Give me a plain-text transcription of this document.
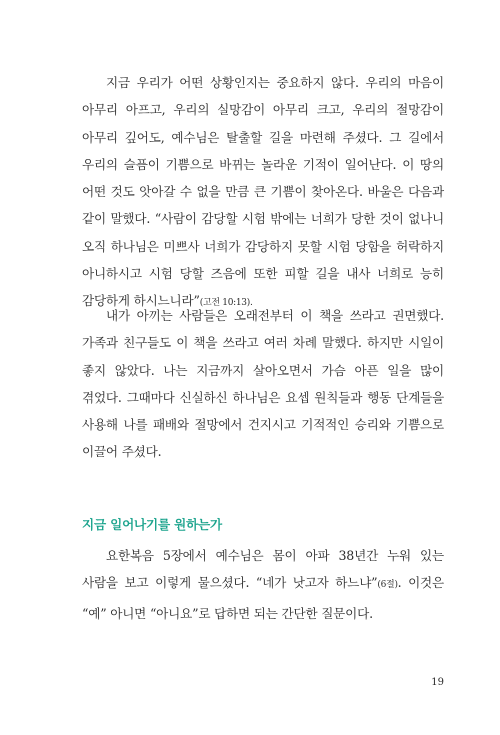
지금 우리가 어떤 상황인지는 중요하지 않다. 우리의 마음이 아무리 아프고, 우리의 실망감이 아무리 크고, 우리의 절망감이 아무리 깊어도, 예수님은 탈출할 길을 마련해 주셨다. 그 길에서 우리의 슬픔이 기쁨으로 바뀌는 놀라운 기적이 일어난다. 이 땅의 어떤 것도 앗아갈 수 없을 만큼 큰 기쁨이 찾아온다. 바울은 다음과 같이 말했다. “사람이 감당할 시험 밖에는 너희가 당한 것이 없나니 오직 하나님은 미쁘사 너희가 감당하지 못할 시험 당함을 허락하지 아니하시고 시험 당할 즈음에 또한 피할 길을 내사 너희로 능히 감당하게 하시느니라”(고전 10:13).

내가 아끼는 사람들은 오래전부터 이 책을 쓰라고 권면했다. 가족과 친구들도 이 책을 쓰라고 여러 차례 말했다. 하지만 시일이 좋지 않았다. 나는 지금까지 살아오면서 가슴 아픈 일을 많이 겪었다. 그때마다 신실하신 하나님은 요셉 원칙들과 행동 단계들을 사용해 나를 패배와 절망에서 건지시고 기적적인 승리와 기쁨으로 이끌어 주셨다.

지금 일어나기를 원하는가

요한복음 5장에서 예수님은 몸이 아파 38년간 누워 있는 사람을 보고 이렇게 물으셨다. “네가 낫고자 하느냐”(6절). 이것은 “예” 아니면 “아니요”로 답하면 되는 간단한 질문이다.

19
